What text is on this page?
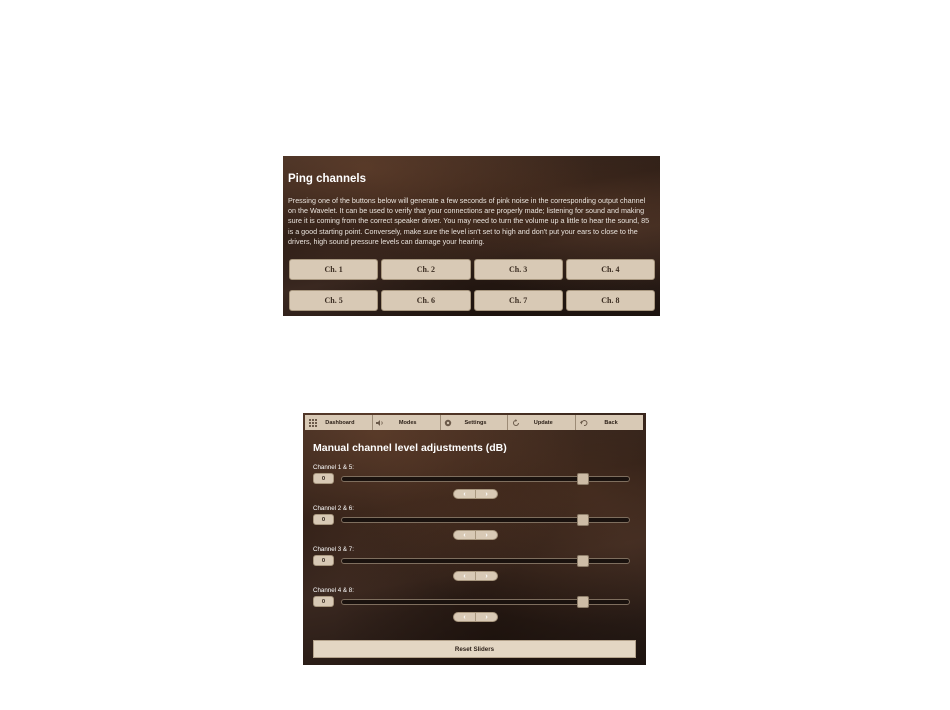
Ping channels

Pressing one of the buttons below will generate a few seconds of pink noise in the corresponding output channel on the Wavelet. It can be used to verify that your connections are properly made; listening for sound and making sure it is coming from the correct speaker driver. You may need to turn the volume up a little to hear the sound, 85 is a good starting point. Conversely, make sure the level isn't set to high and don't put your ears to close to the drivers, high sound pressure levels can damage your hearing.

Ch. 1	Ch. 2	Ch. 3	Ch. 4
Ch. 5	Ch. 6	Ch. 7	Ch. 8
Dashboard	Modes	Settings	Update	Back
Manual channel level adjustments (dB)
Channel 1 & 5:
0
‹	›
Channel 2 & 6:
0
‹	›
Channel 3 & 7:
0
‹	›
Channel 4 & 8:
0
‹	›
Reset Sliders
